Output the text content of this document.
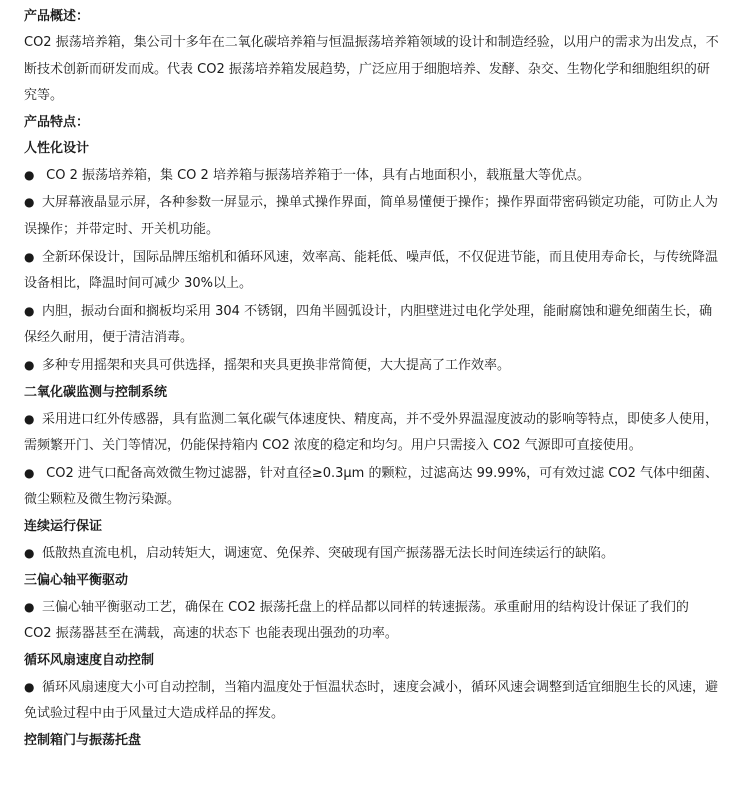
产品概述：

CO2 振荡培养箱，集公司十多年在二氧化碳培养箱与恒温振荡培养箱领域的设计和制造经验，以用户的需求为出发点，不断技术创新而研发而成。代表 CO2 振荡培养箱发展趋势，广泛应用于细胞培养、发酵、杂交、生物化学和细胞组织的研究等。

产品特点：
人性化设计

● CO 2 振荡培养箱，集 CO 2 培养箱与振荡培养箱于一体，具有占地面积小，载瓶量大等优点。

● 大屏幕液晶显示屏，各种参数一屏显示，操单式操作界面，简单易懂便于操作；操作界面带密码锁定功能，可防止人为误操作；并带定时、开关机功能。

● 全新环保设计，国际品牌压缩机和循环风速，效率高、能耗低、噪声低，不仅促进节能，而且使用寿命长，与传统降温设备相比，降温时间可减少 30%以上。

● 内胆，振动台面和搁板均采用 304 不锈钢，四角半圆弧设计，内胆壁进过电化学处理，能耐腐蚀和避免细菌生长，确保经久耐用，便于清洁消毒。

● 多种专用摇架和夹具可供选择，摇架和夹具更换非常简便，大大提高了工作效率。

二氧化碳监测与控制系统

● 采用进口红外传感器，具有监测二氧化碳气体速度快、精度高，并不受外界温湿度波动的影响等特点，即使多人使用，需频繁开门、关门等情况，仍能保持箱内 CO2 浓度的稳定和均匀。用户只需接入 CO2 气源即可直接使用。

● CO2 进气口配备高效微生物过滤器，针对直径≥0.3μm 的颗粒，过滤高达 99.99%，可有效过滤 CO2 气体中细菌、微尘颗粒及微生物污染源。

连续运行保证

● 低散热直流电机，启动转矩大，调速宽、免保养、突破现有国产振荡器无法长时间连续运行的缺陷。

三偏心轴平衡驱动

● 三偏心轴平衡驱动工艺，确保在 CO2 振荡托盘上的样品都以同样的转速振荡。承重耐用的结构设计保证了我们的 CO2 振荡器甚至在满载，高速的状态下 也能表现出强劲的功率。

循环风扇速度自动控制

● 循环风扇速度大小可自动控制，当箱内温度处于恒温状态时，速度会减小，循环风速会调整到适宜细胞生长的风速，避免试验过程中由于风量过大造成样品的挥发。

控制箱门与振荡托盘
